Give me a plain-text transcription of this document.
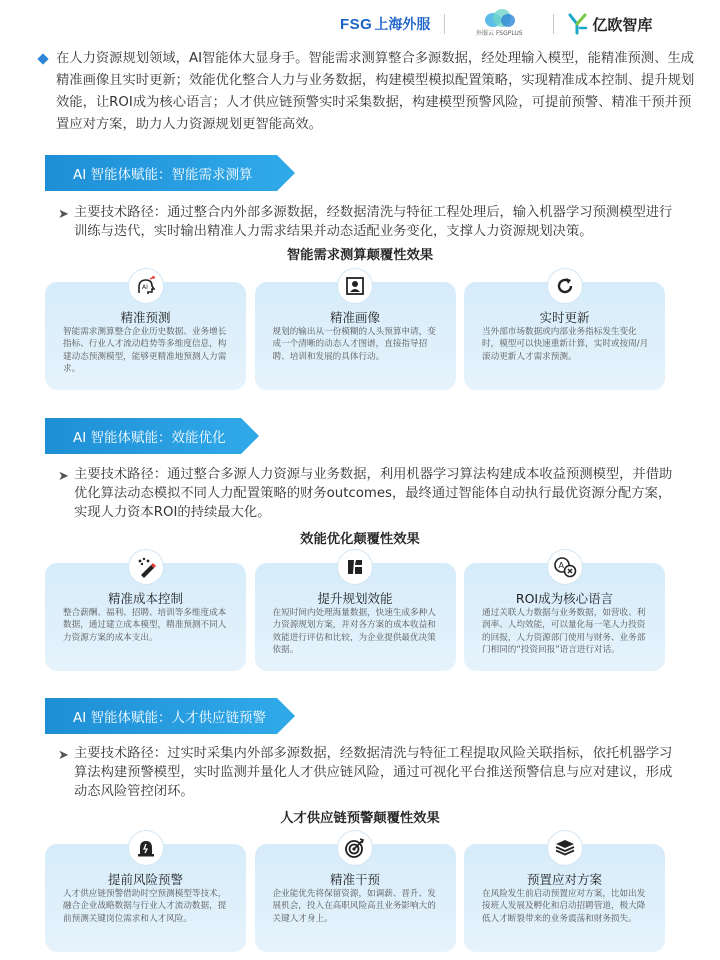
FSG 上海外服
外服云 FSGPLUS	亿欧智库
在人力资源规划领域，AI智能体大显身手。智能需求测算整合多源数据，经处理输入模型，能精准预测、生成精准画像且实时更新；效能优化整合人力与业务数据，构建模型模拟配置策略，实现精准成本控制、提升规划效能，让ROI成为核心语言；人才供应链预警实时采集数据，构建模型预警风险，可提前预警、精准干预并预置应对方案，助力人力资源规划更智能高效。
AI 智能体赋能：智能需求测算
➤ 主要技术路径：通过整合内外部多源数据，经数据清洗与特征工程处理后，输入机器学习预测模型进行训练与迭代，实时输出精准人力需求结果并动态适配业务变化，支撑人力资源规划决策。
智能需求测算颠覆性效果
AI
精准预测
智能需求测算整合企业历史数据、业务增长指标、行业人才流动趋势等多维度信息，构建动态预测模型，能够更精准地预测人力需求。
精准画像
规划的输出从一份模糊的人头预算申请，变成一个清晰的动态人才图谱，直接指导招聘、培训和发展的具体行动。
实时更新
当外部市场数据或内部业务指标发生变化时，模型可以快速重新计算，实时或按周/月滚动更新人才需求预测。
AI 智能体赋能：效能优化
➤ 主要技术路径：通过整合多源人力资源与业务数据，利用机器学习算法构建成本收益预测模型，并借助优化算法动态模拟不同人力配置策略的财务outcomes，最终通过智能体自动执行最优资源分配方案，实现人力资本ROI的持续最大化。
效能优化颠覆性效果
精准成本控制
整合薪酬、福利、招聘、培训等多维度成本数据，通过建立成本模型，精准预测不同人力资源方案的成本支出。
提升规划效能
在短时间内处理海量数据，快速生成多种人力资源规划方案，并对各方案的成本收益和效能进行评估和比较，为企业提供最优决策依据。
A
ROI成为核心语言
通过关联人力数据与业务数据，如营收、利润率、人均效能，可以量化每一笔人力投资的回报，人力资源部门使用与财务、业务部门相同的“投资回报”语言进行对话。
AI 智能体赋能：人才供应链预警
➤ 主要技术路径：过实时采集内外部多源数据，经数据清洗与特征工程提取风险关联指标，依托机器学习算法构建预警模型，实时监测并量化人才供应链风险，通过可视化平台推送预警信息与应对建议，形成动态风险管控闭环。
人才供应链预警颠覆性效果
提前风险预警
人才供应链预警借助时空预测模型等技术，融合企业战略数据与行业人才流动数据，提前预测关键岗位需求和人才风险。
精准干预
企业能优先将保留资源，如调薪、晋升、发展机会，投入在高职风险高且业务影响大的关键人才身上。
预置应对方案
在风险发生前启动预置应对方案，比如出发接班人发展及孵化和启动招聘管道，极大降低人才断裂带来的业务震荡和财务损失。
